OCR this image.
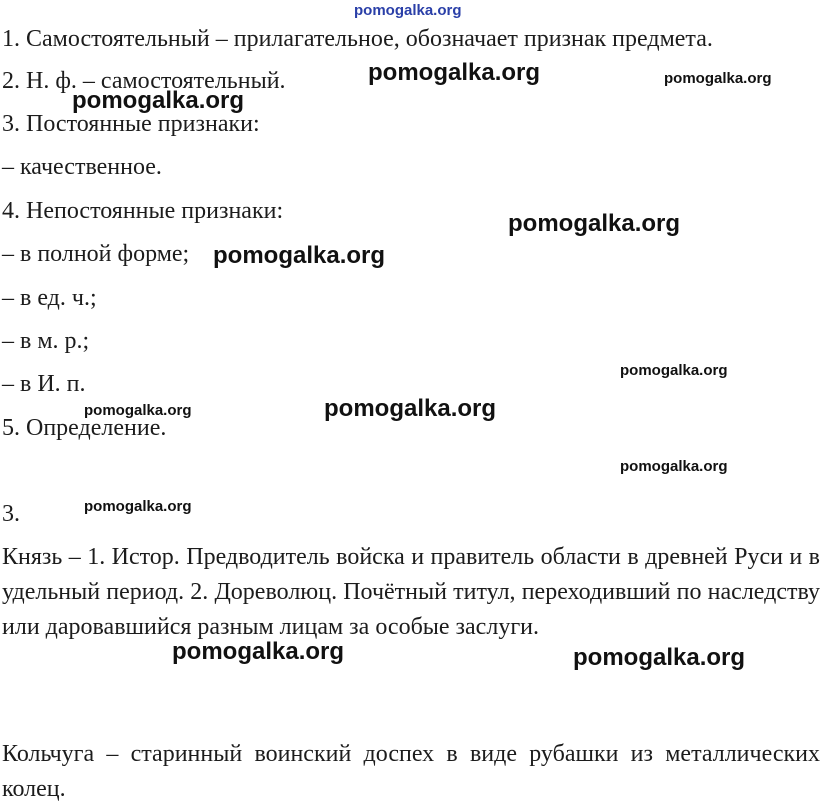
1. Самостоятельный – прилагательное, обозначает признак предмета.

2. Н. ф. – самостоятельный.

3. Постоянные признаки:

– качественное.

4. Непостоянные признаки:

– в полной форме;

– в ед. ч.;

– в м. р.;

– в И. п.

5. Определение.

3.

Князь – 1. Истор. Предводитель войска и правитель области в древней Руси и в удельный период. 2. Дореволюц. Почётный титул, переходивший по наследству или даровавшийся разным лицам за особые заслуги.

Кольчуга – старинный воинский доспех в виде рубашки из металлических колец.

pomogalka.org
pomogalka.org	pomogalka.org
pomogalka.org
pomogalka.org
pomogalka.org
pomogalka.org
pomogalka.org
pomogalka.org
pomogalka.org
pomogalka.org
pomogalka.org	pomogalka.org
